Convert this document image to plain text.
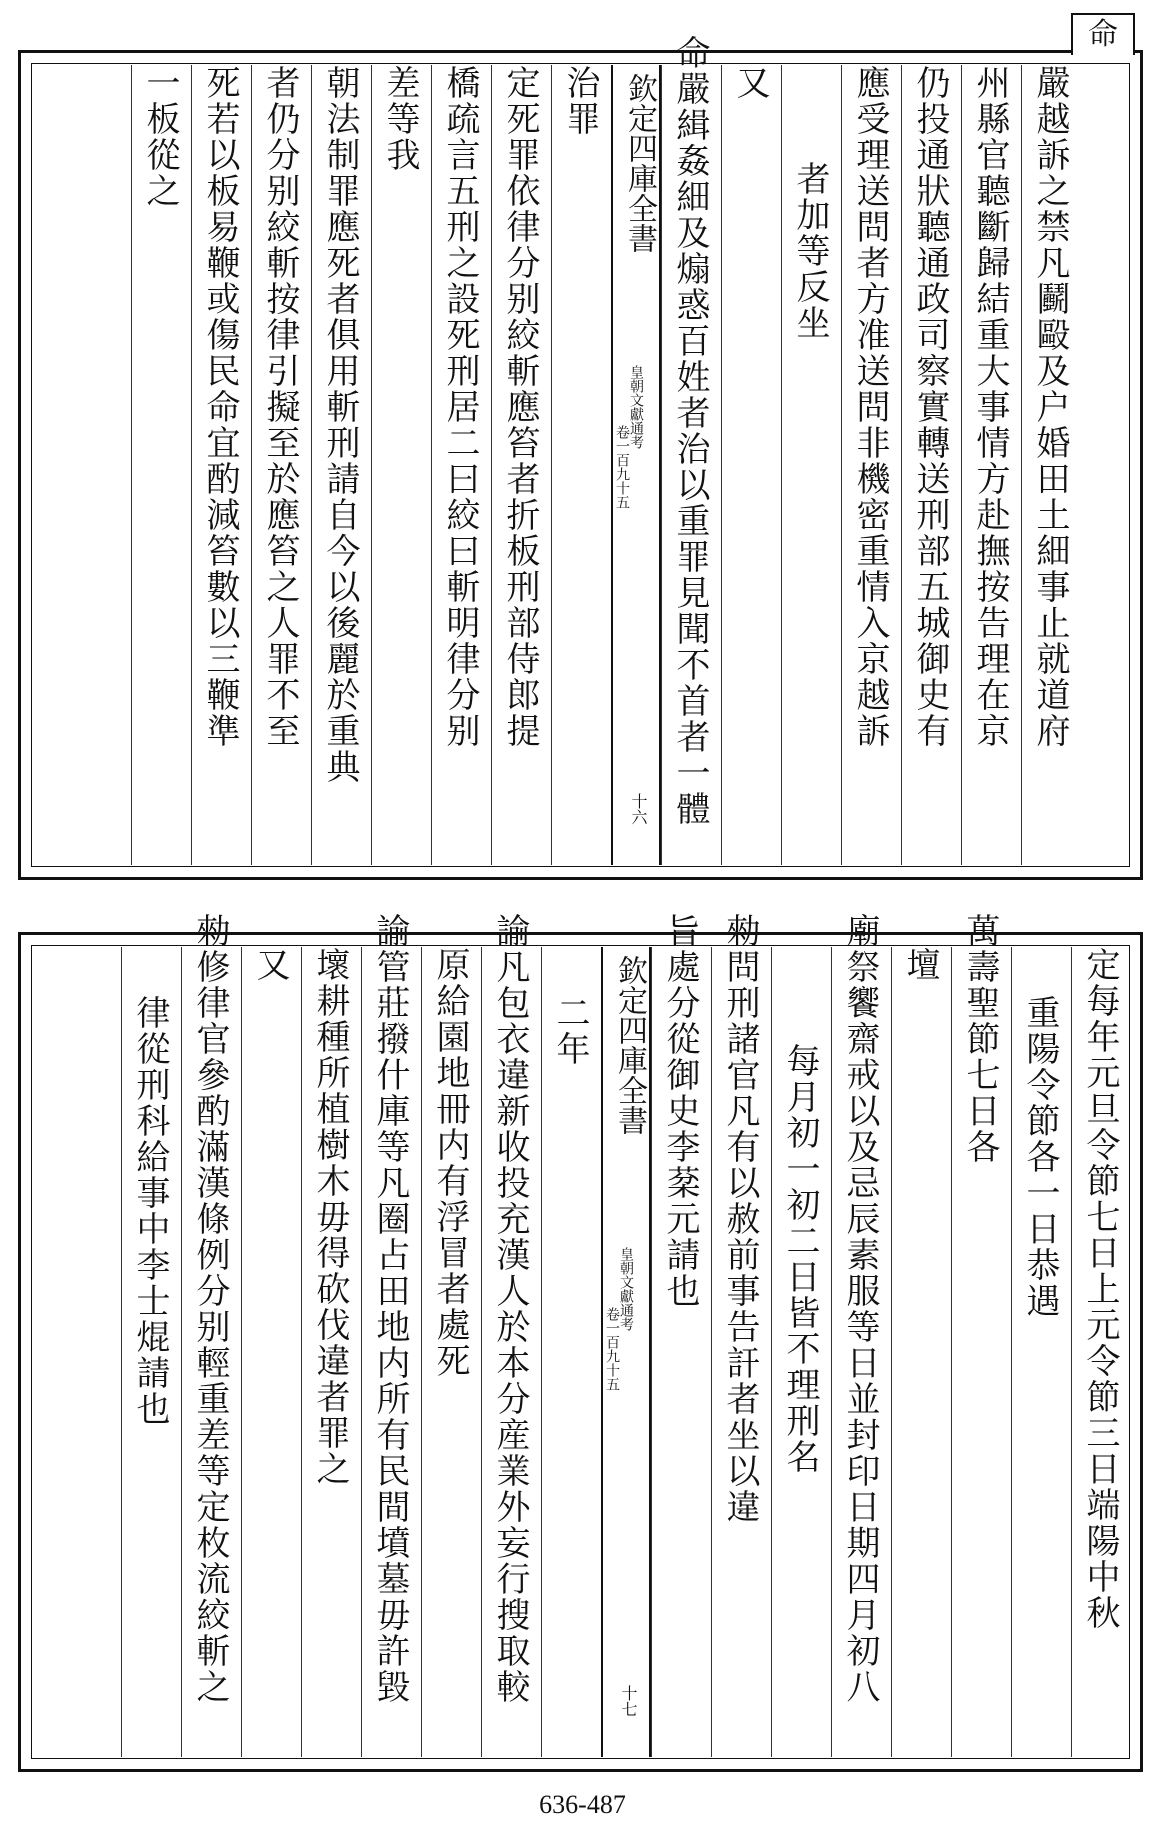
命
嚴越訴之禁凡鬬毆及户婚田土細事止就道府
州縣官聽斷歸結重大事情方赴撫按告理在京
仍投通狀聽通政司察實轉送刑部五城御史有
應受理送問者方准送問非機密重情入京越訴
者加等反坐
又
命嚴緝姦細及煽惑百姓者治以重罪見聞不首者一體
欽定四庫全書
皇朝文獻通考
卷一百九十五
十六
治罪
定死罪依律分别絞斬應笞者折板刑部侍郎提
橋疏言五刑之設死刑居二曰絞曰斬明律分别
差等我
朝法制罪應死者俱用斬刑請自今以後麗於重典
者仍分别絞斬按律引擬至於應笞之人罪不至
死若以板易鞭或傷民命宜酌減笞數以三鞭準
一板從之
定每年元旦令節七日上元令節三日端陽中秋
重陽令節各一日恭遇
萬壽聖節七日各
壇
廟祭饗齋戒以及忌辰素服等日並封印日期四月初八
每月初一初二日皆不理刑名
勑問刑諸官凡有以赦前事告訐者坐以違
旨處分從御史李棻元請也
欽定四庫全書
皇朝文獻通考
卷一百九十五
十七
二年
諭凡包衣違新收投充漢人於本分産業外妄行搜取較
原給園地冊内有浮冒者處死
諭管莊撥什庫等凡圈占田地内所有民間墳墓毋許毀
壞耕種所植樹木毋得砍伐違者罪之
又
勑修律官參酌滿漢條例分别輕重差等定枚流絞斬之
律從刑科給事中李士焜請也
636-487
